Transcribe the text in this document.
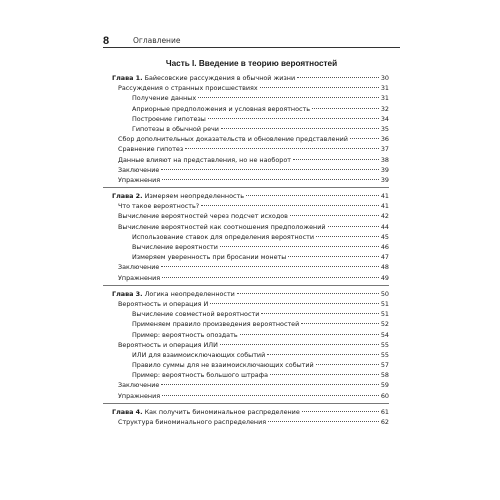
8	Оглавление
Часть I. Введение в теорию вероятностей
Глава 1. Байесовские рассуждения в обычной жизни	30
Рассуждения о странных происшествиях	31
Получение данных	31
Априорные предположения и условная вероятность	32
Построение гипотезы	34
Гипотезы в обычной речи	35
Сбор дополнительных доказательств и обновление представлений	36
Сравнение гипотез	37
Данные влияют на представления, но не наоборот	38
Заключение	39
Упражнения	39
Глава 2. Измеряем неопределенность	41
Что такое вероятность?	41
Вычисление вероятностей через подсчет исходов	42
Вычисление вероятностей как соотношения предположений	44
Использование ставок для определения вероятности	45
Вычисление вероятности	46
Измеряем уверенность при бросании монеты	47
Заключение	48
Упражнения	49
Глава 3. Логика неопределенности	50
Вероятность и операция И	51
Вычисление совместной вероятности	51
Применяем правило произведения вероятностей	52
Пример: вероятность опоздать	54
Вероятность и операция ИЛИ	55
ИЛИ для взаимоисключающих событий	55
Правило суммы для не взаимоисключающих событий	57
Пример: вероятность большого штрафа	58
Заключение	59
Упражнения	60
Глава 4. Как получить биноминальное распределение	61
Структура биноминального распределения	62
